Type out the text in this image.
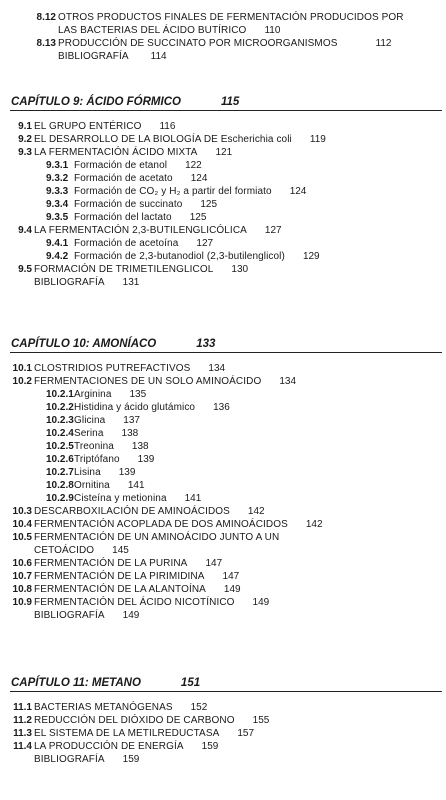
8.12 OTROS PRODUCTOS FINALES DE FERMENTACIÓN PRODUCIDOS POR
LAS BACTERIAS DEL ÁCIDO BUTÍRICO 110
8.13 PRODUCCIÓN DE SUCCINATO POR MICROORGANISMOS	112
BIBLIOGRAFÍA 114
CAPÍTULO 9: ÁCIDO FÓRMICO	115
9.1 EL GRUPO ENTÉRICO 116
9.2 EL DESARROLLO DE LA BIOLOGÍA DE Escherichia coli 119
9.3 LA FERMENTACIÓN ÁCIDO MIXTA 121
9.3.1 Formación de etanol 122
9.3.2 Formación de acetato 124
9.3.3 Formación de CO₂ y H₂ a partir del formiato 124
9.3.4 Formación de succinato 125
9.3.5 Formación del lactato 125
9.4 LA FERMENTACIÓN 2,3-BUTILENGLICÓLICA 127
9.4.1 Formación de acetoína 127
9.4.2 Formación de 2,3-butanodiol (2,3-butilenglicol) 129
9.5 FORMACIÓN DE TRIMETILENGLICOL 130
BIBLIOGRAFÍA 131
CAPÍTULO 10: AMONÍACO	133
10.1 CLOSTRIDIOS PUTREFACTIVOS 134
10.2 FERMENTACIONES DE UN SOLO AMINOÁCIDO 134
10.2.1 Arginina 135
10.2.2 Histidina y ácido glutámico 136
10.2.3 Glicina 137
10.2.4 Serina 138
10.2.5 Treonina 138
10.2.6 Triptófano 139
10.2.7 Lisina 139
10.2.8 Ornitina 141
10.2.9 Cisteína y metionina 141
10.3 DESCARBOXILACIÓN DE AMINOÁCIDOS 142
10.4 FERMENTACIÓN ACOPLADA DE DOS AMINOÁCIDOS 142
10.5 FERMENTACIÓN DE UN AMINOÁCIDO JUNTO A UN
CETOÁCIDO 145
10.6 FERMENTACIÓN DE LA PURINA 147
10.7 FERMENTACIÓN DE LA PIRIMIDINA 147
10.8 FERMENTACIÓN DE LA ALANTOÍNA 149
10.9 FERMENTACIÓN DEL ÁCIDO NICOTÍNICO 149
BIBLIOGRAFÍA 149
CAPÍTULO 11: METANO	151
11.1 BACTERIAS METANÓGENAS 152
11.2 REDUCCIÓN DEL DIÓXIDO DE CARBONO 155
11.3 EL SISTEMA DE LA METILREDUCTASA 157
11.4 LA PRODUCCIÓN DE ENERGÍA 159
BIBLIOGRAFÍA 159
